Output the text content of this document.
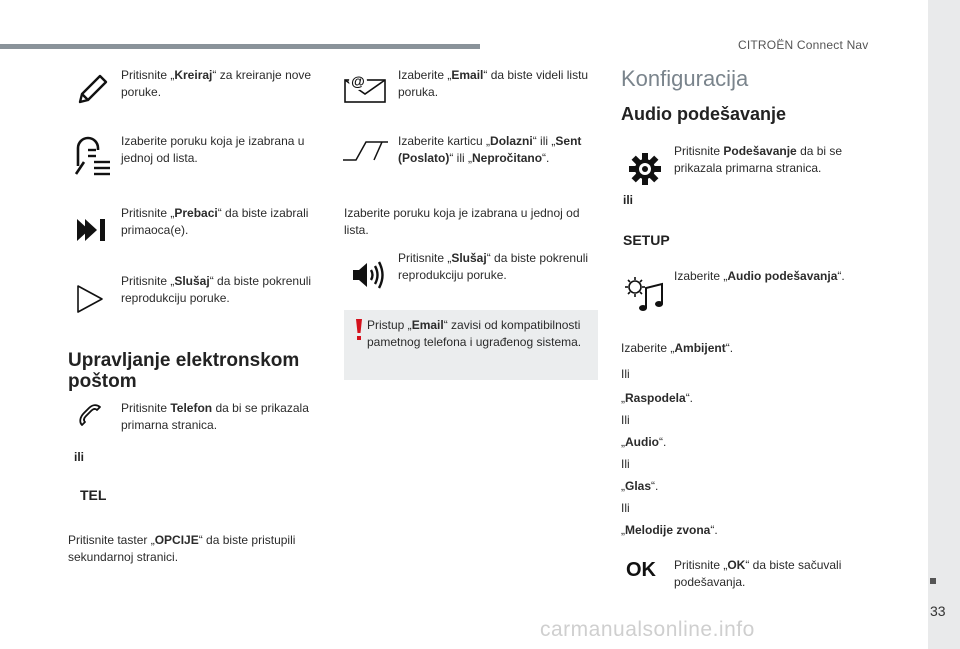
CITROËN Connect Nav
33
carmanualsonline.info
Pritisnite „Kreiraj“ za kreiranje nove poruke.
Izaberite poruku koja je izabrana u jednoj od lista.
Pritisnite „Prebaci“ da biste izabrali primaoca(e).
Pritisnite „Slušaj“ da biste pokrenuli reprodukciju poruke.
Upravljanje elektronskom
poštom
Pritisnite Telefon da bi se prikazala primarna stranica.
ili
TEL
Pritisnite taster „OPCIJE“ da biste pristupili sekundarnoj stranici.
@	Izaberite „Email“ da biste videli listu poruka.
Izaberite karticu „Dolazni“ ili „Sent (Poslato)“ ili „Nepročitano“.
Izaberite poruku koja je izabrana u jednoj od lista.
Pritisnite „Slušaj“ da biste pokrenuli reprodukciju poruke.
Pristup „Email“ zavisi od kompatibilnosti pametnog telefona i ugrađenog sistema.
Konfiguracija
Audio podešavanje
Pritisnite Podešavanje da bi se prikazala primarna stranica.
ili
SETUP
Izaberite „Audio podešavanja“.
Izaberite „Ambijent“.
Ili
„Raspodela“.
Ili
„Audio“.
Ili
„Glas“.
Ili
„Melodije zvona“.
OK Pritisnite „OK“ da biste sačuvali podešavanja.
